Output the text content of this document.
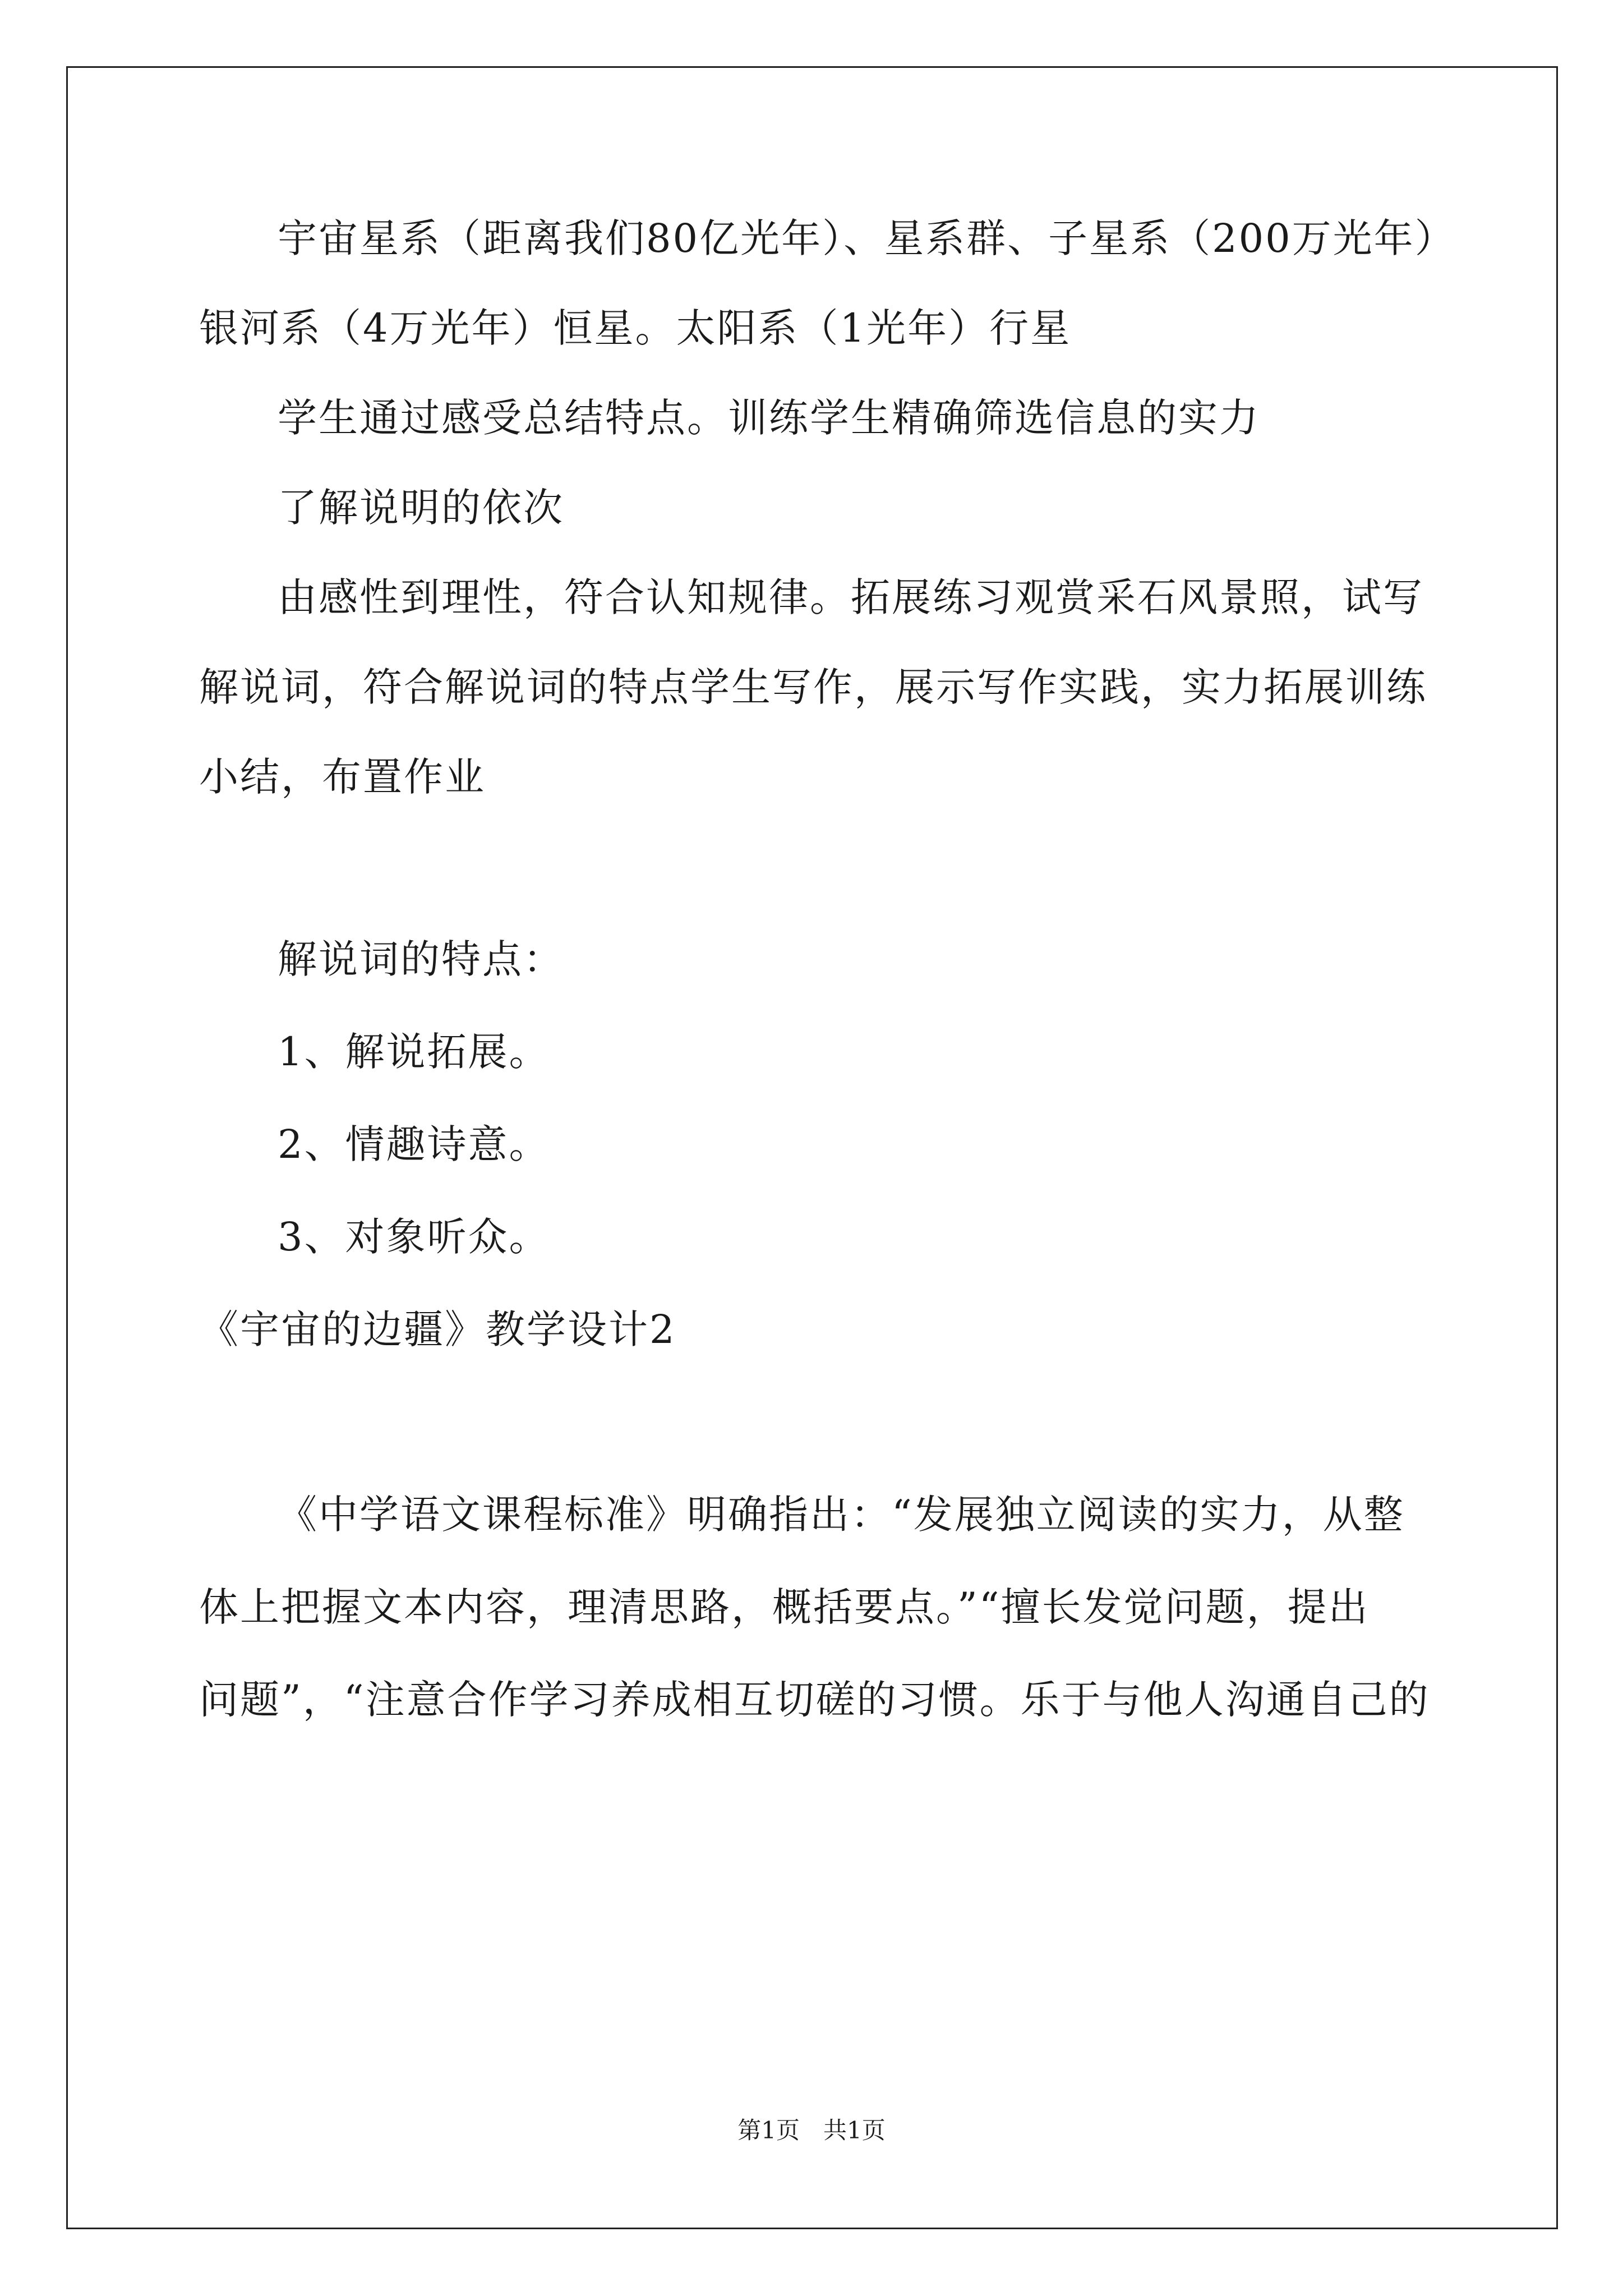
宇宙星系（距离我们80亿光年）、星系群、子星系（200万光年）
银河系（4万光年）恒星。太阳系（1光年）行星
学生通过感受总结特点。训练学生精确筛选信息的实力
了解说明的依次
由感性到理性，符合认知规律。拓展练习观赏采石风景照，试写
解说词，符合解说词的特点学生写作，展示写作实践，实力拓展训练
小结，布置作业
解说词的特点：
1、解说拓展。
2、情趣诗意。
3、对象听众。
《宇宙的边疆》教学设计2
《中学语文课程标准》明确指出：“发展独立阅读的实力，从整
体上把握文本内容，理清思路，概括要点。”“擅长发觉问题，提出
问题”，“注意合作学习养成相互切磋的习惯。乐于与他人沟通自己的
第1页　共1页
